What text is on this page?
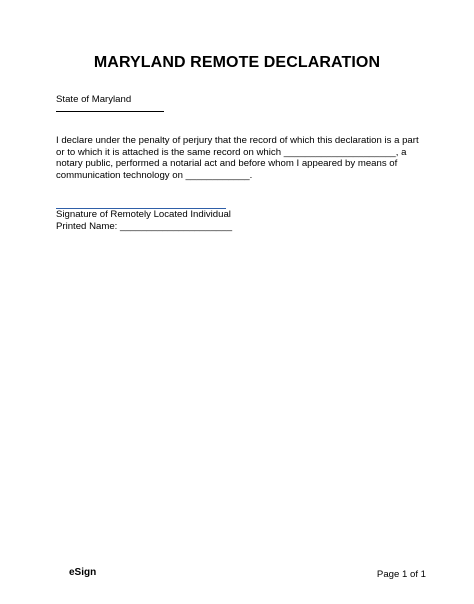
MARYLAND REMOTE DECLARATION
State of Maryland
I declare under the penalty of perjury that the record of which this declaration is a part
or to which it is attached is the same record on which _____________________, a
notary public, performed a notarial act and before whom I appeared by means of
communication technology on ____________.
Signature of Remotely Located Individual
Printed Name: _____________________
eSign	Page 1 of 1
